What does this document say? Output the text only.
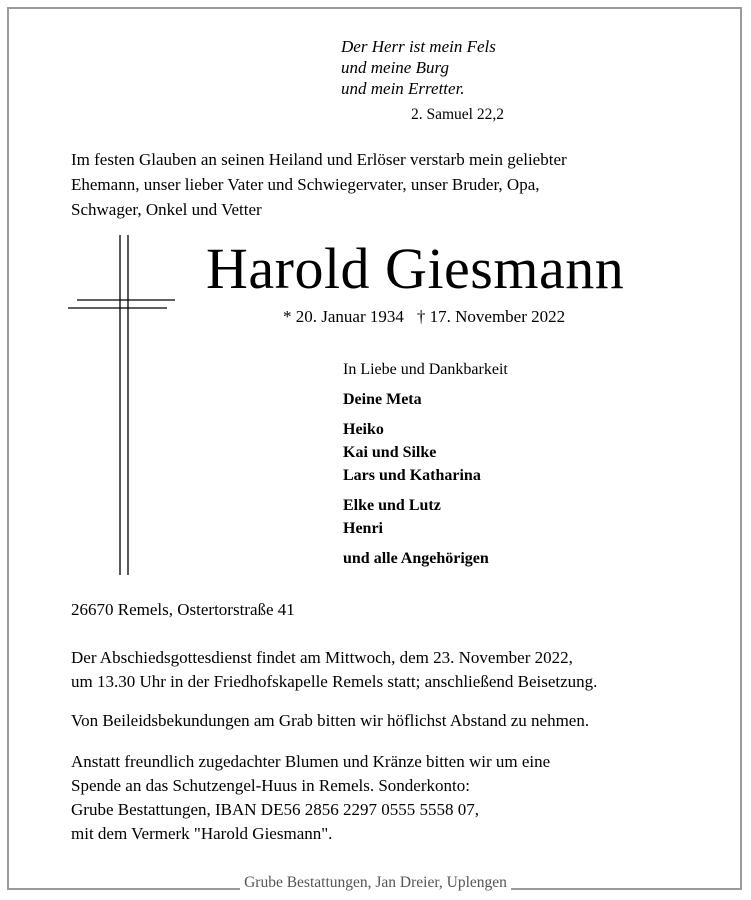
Der Herr ist mein Fels
und meine Burg
und mein Erretter.
2. Samuel 22,2
Im festen Glauben an seinen Heiland und Erlöser verstarb mein geliebter
Ehemann, unser lieber Vater und Schwiegervater, unser Bruder, Opa,
Schwager, Onkel und Vetter
Harold Giesmann
* 20. Januar 1934 † 17. November 2022
In Liebe und Dankbarkeit
Deine Meta
Heiko
Kai und Silke
Lars und Katharina
Elke und Lutz
Henri
und alle Angehörigen
26670 Remels, Ostertorstraße 41
Der Abschiedsgottesdienst findet am Mittwoch, dem 23. November 2022,
um 13.30 Uhr in der Friedhofskapelle Remels statt; anschließend Beisetzung.
Von Beileidsbekundungen am Grab bitten wir höflichst Abstand zu nehmen.
Anstatt freundlich zugedachter Blumen und Kränze bitten wir um eine
Spende an das Schutzengel-Huus in Remels. Sonderkonto:
Grube Bestattungen, IBAN DE56 2856 2297 0555 5558 07,
mit dem Vermerk "Harold Giesmann".
Grube Bestattungen, Jan Dreier, Uplengen
